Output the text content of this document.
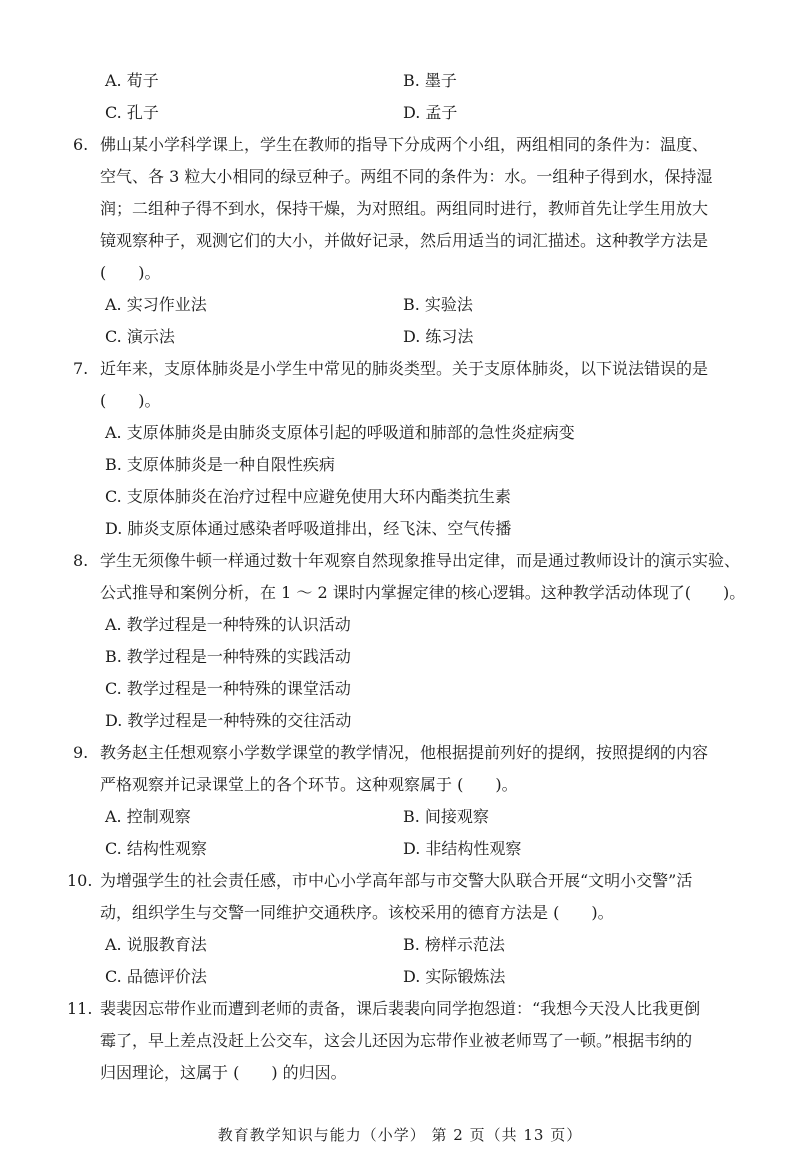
A. 荀子	B. 墨子
C. 孔子	D. 孟子
6. 佛山某小学科学课上，学生在教师的指导下分成两个小组，两组相同的条件为：温度、
空气、各 3 粒大小相同的绿豆种子。两组不同的条件为：水。一组种子得到水，保持湿
润；二组种子得不到水，保持干燥，为对照组。两组同时进行，教师首先让学生用放大
镜观察种子，观测它们的大小，并做好记录，然后用适当的词汇描述。这种教学方法是
(　　)。
A. 实习作业法	B. 实验法
C. 演示法	D. 练习法
7. 近年来，支原体肺炎是小学生中常见的肺炎类型。关于支原体肺炎，以下说法错误的是
(　　)。
A. 支原体肺炎是由肺炎支原体引起的呼吸道和肺部的急性炎症病变
B. 支原体肺炎是一种自限性疾病
C. 支原体肺炎在治疗过程中应避免使用大环内酯类抗生素
D. 肺炎支原体通过感染者呼吸道排出，经飞沫、空气传播
8. 学生无须像牛顿一样通过数十年观察自然现象推导出定律，而是通过教师设计的演示实验、
公式推导和案例分析，在 1 ～ 2 课时内掌握定律的核心逻辑。这种教学活动体现了(　　)。
A. 教学过程是一种特殊的认识活动
B. 教学过程是一种特殊的实践活动
C. 教学过程是一种特殊的课堂活动
D. 教学过程是一种特殊的交往活动
9. 教务赵主任想观察小学数学课堂的教学情况，他根据提前列好的提纲，按照提纲的内容
严格观察并记录课堂上的各个环节。这种观察属于 (　　)。
A. 控制观察	B. 间接观察
C. 结构性观察	D. 非结构性观察
10. 为增强学生的社会责任感，市中心小学高年部与市交警大队联合开展“文明小交警”活
动，组织学生与交警一同维护交通秩序。该校采用的德育方法是 (　　)。
A. 说服教育法	B. 榜样示范法
C. 品德评价法	D. 实际锻炼法
11. 裴裴因忘带作业而遭到老师的责备，课后裴裴向同学抱怨道：“我想今天没人比我更倒
霉了，早上差点没赶上公交车，这会儿还因为忘带作业被老师骂了一顿。”根据韦纳的
归因理论，这属于 (　　) 的归因。
教育教学知识与能力（小学） 第 2 页（共 13 页）
